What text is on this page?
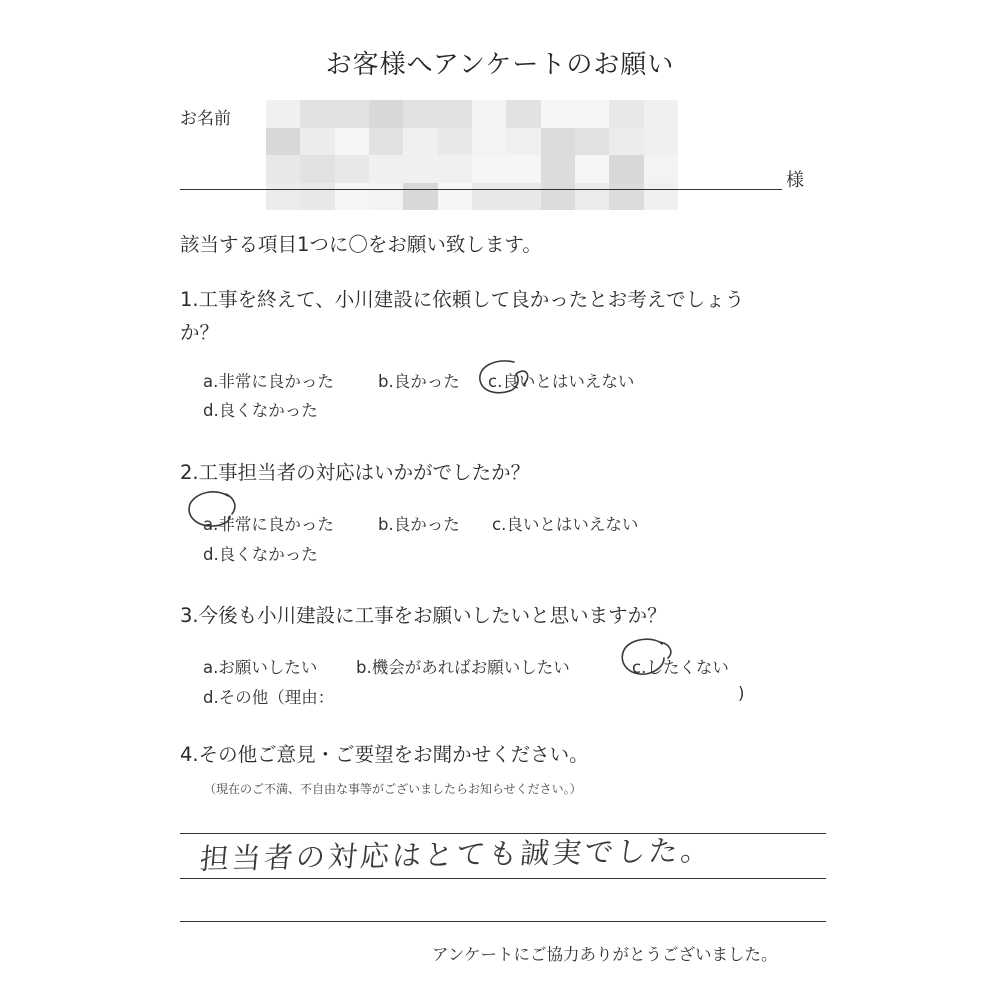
お客様へアンケートのお願い
お名前
様
該当する項目1つに〇をお願い致します。
1.工事を終えて、小川建設に依頼して良かったとお考えでしょう
か？
a.非常に良かった	b.良かった c.良いとはいえない
d.良くなかった
2.工事担当者の対応はいかがでしたか？
a.非常に良かった	b.良かった c.良いとはいえない
d.良くなかった
3.今後も小川建設に工事をお願いしたいと思いますか？
a.お願いしたい b.機会があればお願いしたい	c.したくない
d.その他（理由：	)
4.その他ご意見・ご要望をお聞かせください。
（現在のご不満、不自由な事等がございましたらお知らせください。）
担当者の対応はとても誠実でした。
アンケートにご協力ありがとうございました。
